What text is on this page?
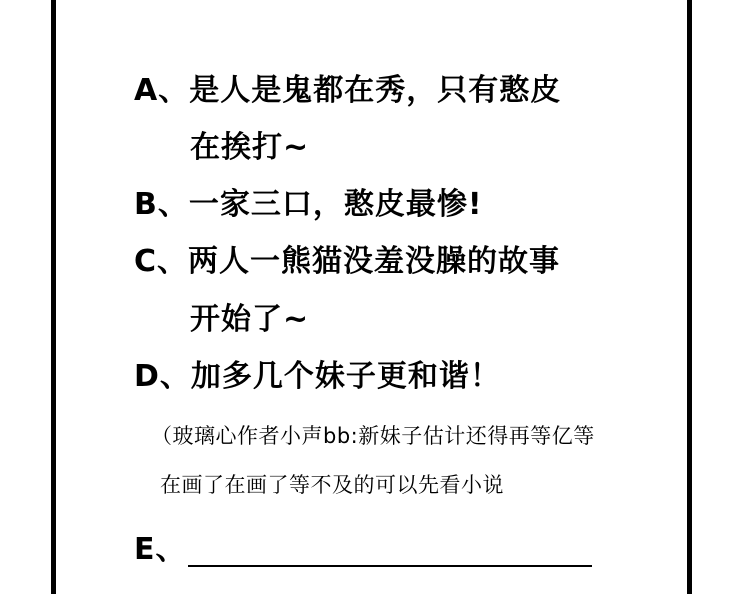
A、是人是鬼都在秀，只有憨皮
在挨打~
B、一家三口，憨皮最惨!
C、两人一熊猫没羞没臊的故事
开始了~
D、加多几个妹子更和谐！
（玻璃心作者小声bb:新妹子估计还得再等亿等
在画了在画了等不及的可以先看小说
E、
